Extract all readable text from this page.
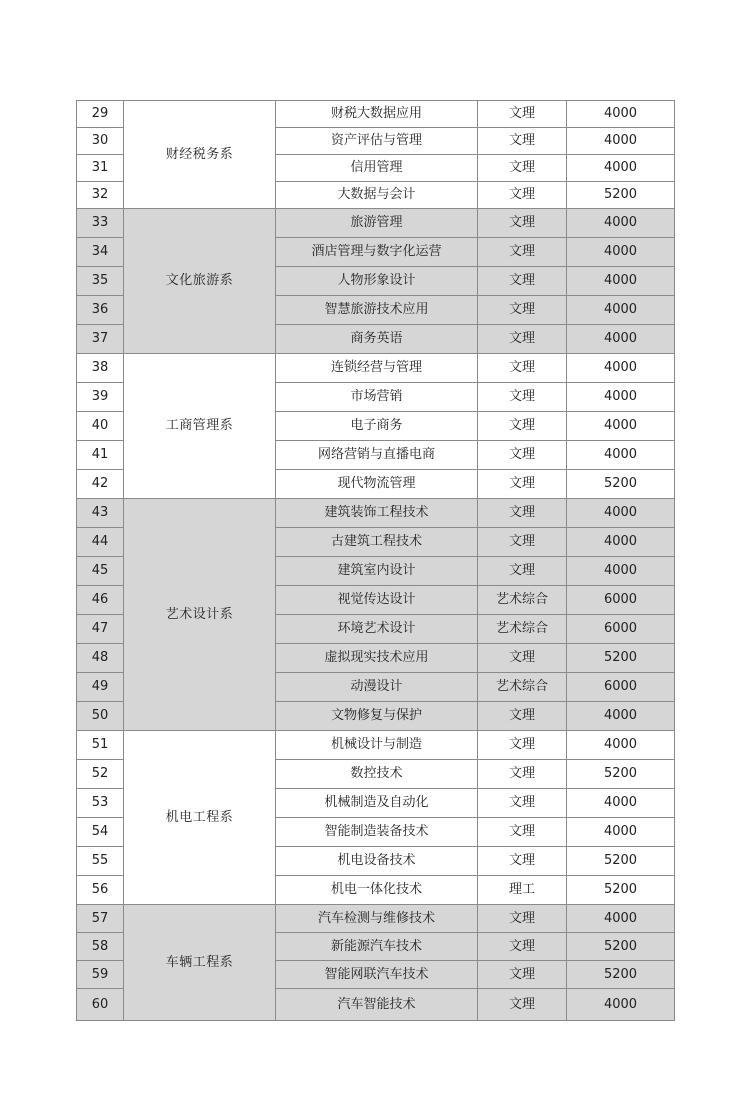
29	财经税务系	财税大数据应用	文理	4000
30		资产评估与管理	文理	4000
31		信用管理	文理	4000
32		大数据与会计	文理	5200
33	文化旅游系	旅游管理	文理	4000
34		酒店管理与数字化运营	文理	4000
35		人物形象设计	文理	4000
36		智慧旅游技术应用	文理	4000
37		商务英语	文理	4000
38	工商管理系	连锁经营与管理	文理	4000
39		市场营销	文理	4000
40		电子商务	文理	4000
41		网络营销与直播电商	文理	4000
42		现代物流管理	文理	5200
43	艺术设计系	建筑装饰工程技术	文理	4000
44		古建筑工程技术	文理	4000
45		建筑室内设计	文理	4000
46		视觉传达设计	艺术综合	6000
47		环境艺术设计	艺术综合	6000
48		虚拟现实技术应用	文理	5200
49		动漫设计	艺术综合	6000
50		文物修复与保护	文理	4000
51	机电工程系	机械设计与制造	文理	4000
52		数控技术	文理	5200
53		机械制造及自动化	文理	4000
54		智能制造装备技术	文理	4000
55		机电设备技术	文理	5200
56		机电一体化技术	理工	5200
57	车辆工程系	汽车检测与维修技术	文理	4000
58		新能源汽车技术	文理	5200
59		智能网联汽车技术	文理	5200
60		汽车智能技术	文理	4000
